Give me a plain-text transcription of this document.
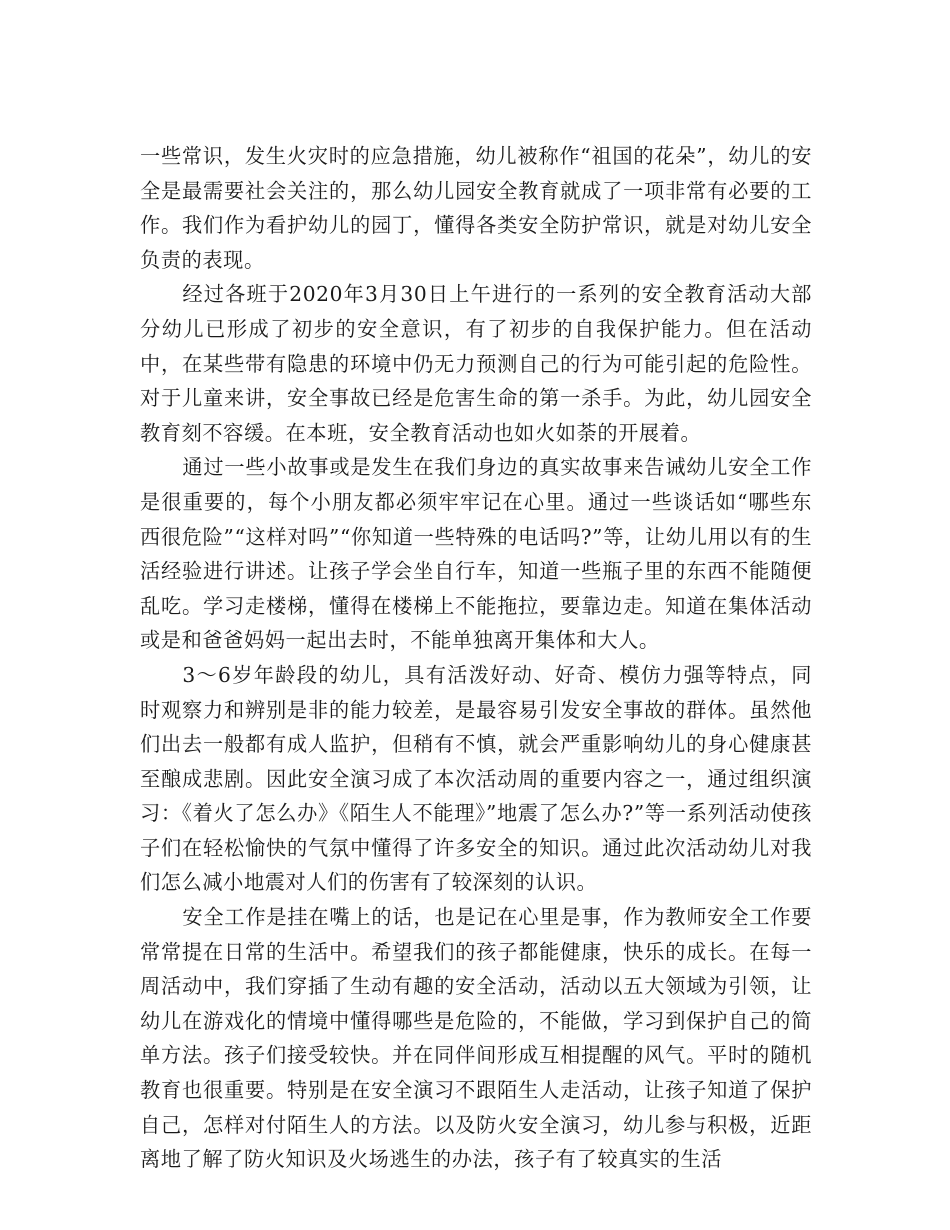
一些常识，发生火灾时的应急措施，幼儿被称作“祖国的花朵”，幼儿的安全是最需要社会关注的，那么幼儿园安全教育就成了一项非常有必要的工作。我们作为看护幼儿的园丁，懂得各类安全防护常识，就是对幼儿安全负责的表现。

经过各班于2020年3月30日上午进行的一系列的安全教育活动大部分幼儿已形成了初步的安全意识，有了初步的自我保护能力。但在活动中，在某些带有隐患的环境中仍无力预测自己的行为可能引起的危险性。对于儿童来讲，安全事故已经是危害生命的第一杀手。为此，幼儿园安全教育刻不容缓。在本班，安全教育活动也如火如荼的开展着。

通过一些小故事或是发生在我们身边的真实故事来告诫幼儿安全工作是很重要的，每个小朋友都必须牢牢记在心里。通过一些谈话如“哪些东西很危险”“这样对吗”“你知道一些特殊的电话吗?”等，让幼儿用以有的生活经验进行讲述。让孩子学会坐自行车，知道一些瓶子里的东西不能随便乱吃。学习走楼梯，懂得在楼梯上不能拖拉，要靠边走。知道在集体活动或是和爸爸妈妈一起出去时，不能单独离开集体和大人。

3～6岁年龄段的幼儿，具有活泼好动、好奇、模仿力强等特点，同时观察力和辨别是非的能力较差，是最容易引发安全事故的群体。虽然他们出去一般都有成人监护，但稍有不慎，就会严重影响幼儿的身心健康甚至酿成悲剧。因此安全演习成了本次活动周的重要内容之一，通过组织演习：《着火了怎么办》《陌生人不能理》”地震了怎么办?”等一系列活动使孩子们在轻松愉快的气氛中懂得了许多安全的知识。通过此次活动幼儿对我们怎么减小地震对人们的伤害有了较深刻的认识。

安全工作是挂在嘴上的话，也是记在心里是事，作为教师安全工作要常常提在日常的生活中。希望我们的孩子都能健康，快乐的成长。在每一周活动中，我们穿插了生动有趣的安全活动，活动以五大领域为引领，让幼儿在游戏化的情境中懂得哪些是危险的，不能做，学习到保护自己的简单方法。孩子们接受较快。并在同伴间形成互相提醒的风气。平时的随机教育也很重要。特别是在安全演习不跟陌生人走活动，让孩子知道了保护自己，怎样对付陌生人的方法。以及防火安全演习，幼儿参与积极，近距离地了解了防火知识及火场逃生的办法，孩子有了较真实的生活
